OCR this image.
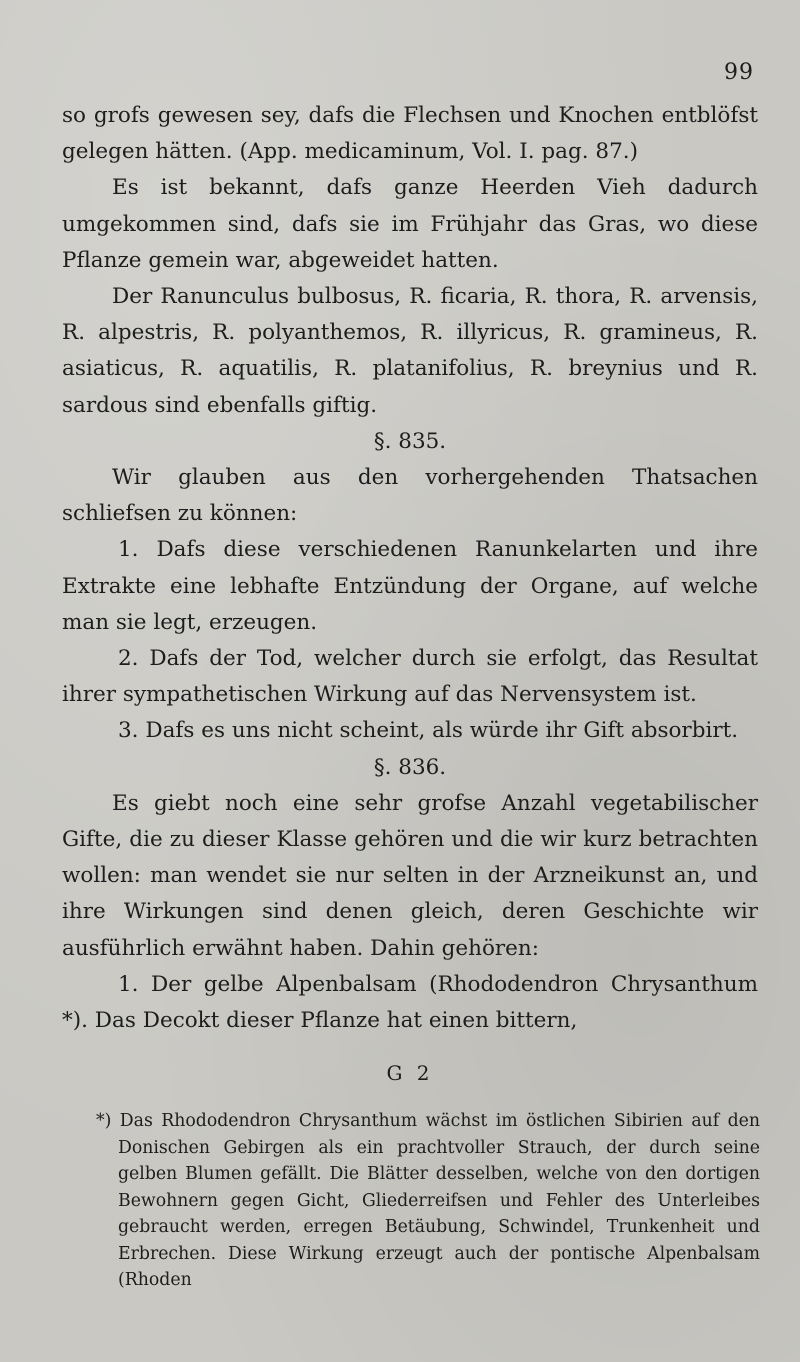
99

so grofs gewesen sey, dafs die Flechsen und Knochen entblöfst gelegen hätten. (App. medicaminum, Vol. I. pag. 87.)

Es ist bekannt, dafs ganze Heerden Vieh dadurch umgekommen sind, dafs sie im Frühjahr das Gras, wo diese Pflanze gemein war, abgeweidet hatten.

Der Ranunculus bulbosus, R. ficaria, R. thora, R. arvensis, R. alpestris, R. polyanthemos, R. illyricus, R. gramineus, R. asiaticus, R. aquatilis, R. platanifolius, R. breynius und R. sardous sind ebenfalls giftig.

§. 835.

Wir glauben aus den vorhergehenden Thatsachen schliefsen zu können:

1. Dafs diese verschiedenen Ranunkelarten und ihre Extrakte eine lebhafte Entzündung der Organe, auf welche man sie legt, erzeugen.

2. Dafs der Tod, welcher durch sie erfolgt, das Resultat ihrer sympathetischen Wirkung auf das Nervensystem ist.

3. Dafs es uns nicht scheint, als würde ihr Gift absorbirt.

§. 836.

Es giebt noch eine sehr grofse Anzahl vegetabilischer Gifte, die zu dieser Klasse gehören und die wir kurz betrachten wollen: man wendet sie nur selten in der Arzneikunst an, und ihre Wirkungen sind denen gleich, deren Geschichte wir ausführlich erwähnt haben. Dahin gehören:

1. Der gelbe Alpenbalsam (Rhododendron Chrysanthum *). Das Decokt dieser Pflanze hat einen bittern,

G 2

*) Das Rhododendron Chrysanthum wächst im östlichen Sibirien auf den Donischen Gebirgen als ein prachtvoller Strauch, der durch seine gelben Blumen gefällt. Die Blätter desselben, welche von den dortigen Bewohnern gegen Gicht, Gliederreifsen und Fehler des Unterleibes gebraucht werden, erregen Betäubung, Schwindel, Trunkenheit und Erbrechen. Diese Wirkung erzeugt auch der pontische Alpenbalsam (Rhoden
